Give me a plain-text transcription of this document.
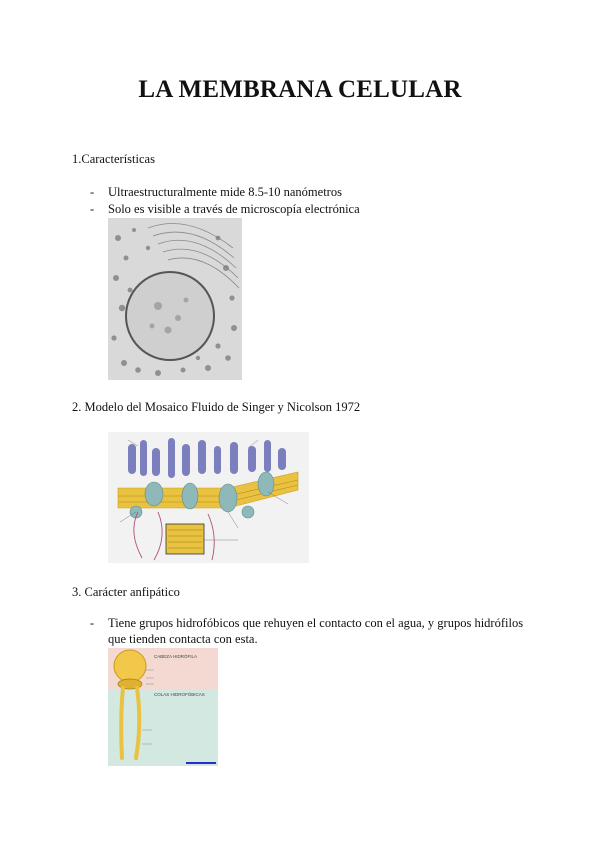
LA MEMBRANA CELULAR
1.Características
- Ultraestructuralmente mide 8.5-10 nanómetros
- Solo es visible a través de microscopía electrónica
2. Modelo del Mosaico Fluido de Singer y Nicolson 1972
3. Carácter anfipático
- Tiene grupos hidrofóbicos que rehuyen el contacto con el agua, y grupos hidrófilos que tienden contacta con esta.
CABEZA HIDRÓFILA
COLAS HIDROFÓBICAS
